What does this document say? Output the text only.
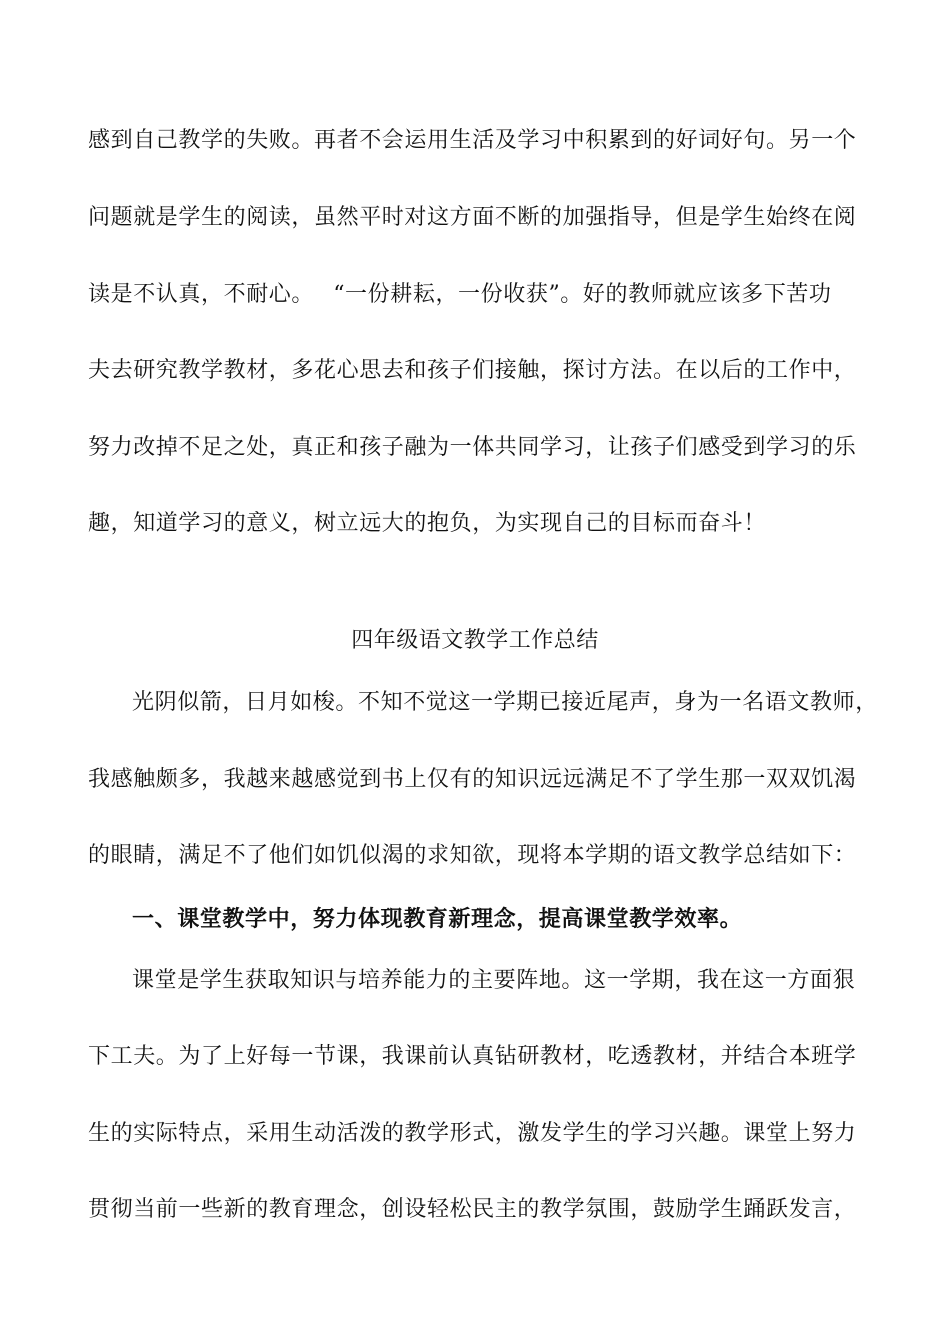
感到自己教学的失败。再者不会运用生活及学习中积累到的好词好句。另一个
问题就是学生的阅读，虽然平时对这方面不断的加强指导，但是学生始终在阅
读是不认真，不耐心。　 “一份耕耘，一份收获”。好的教师就应该多下苦功
夫去研究教学教材，多花心思去和孩子们接触，探讨方法。在以后的工作中，
努力改掉不足之处，真正和孩子融为一体共同学习，让孩子们感受到学习的乐
趣，知道学习的意义，树立远大的抱负，为实现自己的目标而奋斗！
四年级语文教学工作总结
光阴似箭，日月如梭。不知不觉这一学期已接近尾声，身为一名语文教师，
我感触颇多，我越来越感觉到书上仅有的知识远远满足不了学生那一双双饥渴
的眼睛，满足不了他们如饥似渴的求知欲，现将本学期的语文教学总结如下：
一、课堂教学中，努力体现教育新理念，提高课堂教学效率。
课堂是学生获取知识与培养能力的主要阵地。这一学期，我在这一方面狠
下工夫。为了上好每一节课，我课前认真钻研教材，吃透教材，并结合本班学
生的实际特点，采用生动活泼的教学形式，激发学生的学习兴趣。课堂上努力
贯彻当前一些新的教育理念，创设轻松民主的教学氛围，鼓励学生踊跃发言，
